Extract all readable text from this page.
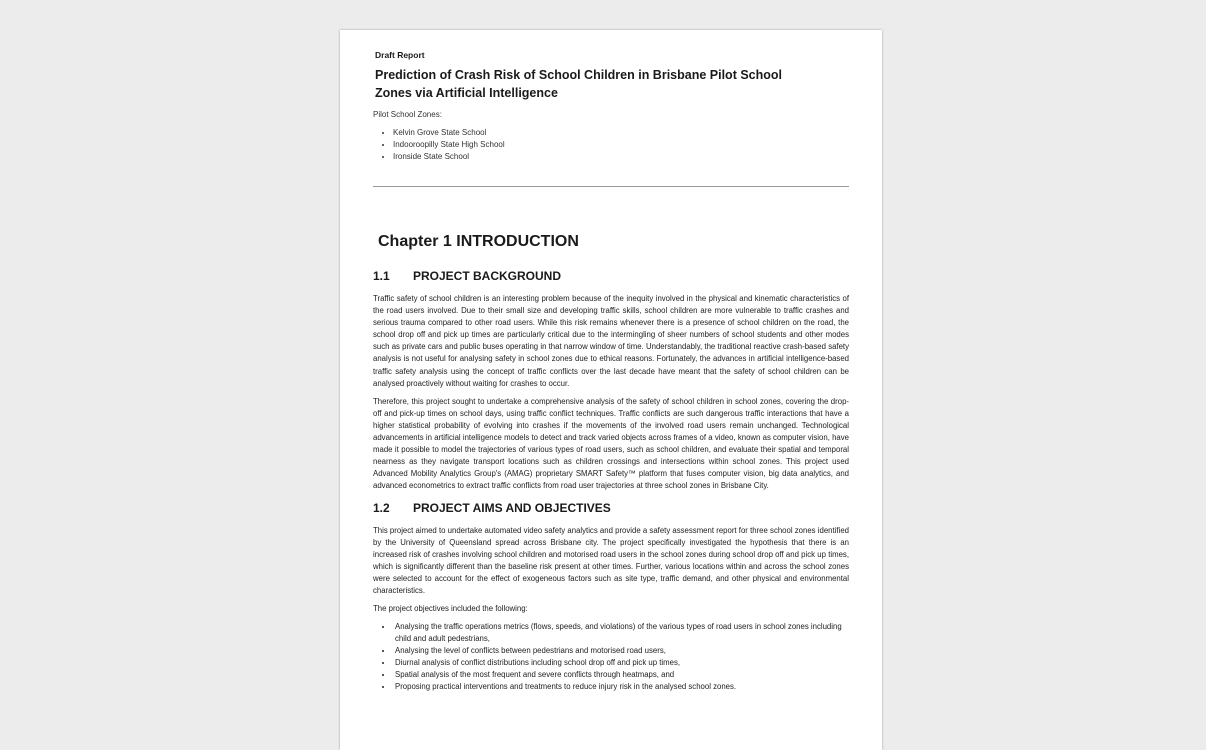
Draft Report
Prediction of Crash Risk of School Children in Brisbane Pilot School Zones via Artificial Intelligence
Pilot School Zones:
• Kelvin Grove State School
• Indooroopilly State High School
• Ironside State School
Chapter 1 INTRODUCTION
1.1	PROJECT BACKGROUND

Traffic safety of school children is an interesting problem because of the inequity involved in the physical and kinematic characteristics of the road users involved. Due to their small size and developing traffic skills, school children are more vulnerable to traffic crashes and serious trauma compared to other road users. While this risk remains whenever there is a presence of school children on the road, the school drop off and pick up times are particularly critical due to the intermingling of sheer numbers of school students and other modes such as private cars and public buses operating in that narrow window of time. Understandably, the traditional reactive crash-based safety analysis is not useful for analysing safety in school zones due to ethical reasons. Fortunately, the advances in artificial intelligence-based traffic safety analysis using the concept of traffic conflicts over the last decade have meant that the safety of school children can be analysed proactively without waiting for crashes to occur.

Therefore, this project sought to undertake a comprehensive analysis of the safety of school children in school zones, covering the drop-off and pick-up times on school days, using traffic conflict techniques. Traffic conflicts are such dangerous traffic interactions that have a higher statistical probability of evolving into crashes if the movements of the involved road users remain unchanged. Technological advancements in artificial intelligence models to detect and track varied objects across frames of a video, known as computer vision, have made it possible to model the trajectories of various types of road users, such as school children, and evaluate their spatial and temporal nearness as they navigate transport locations such as children crossings and intersections within school zones. This project used Advanced Mobility Analytics Group's (AMAG) proprietary SMART Safety™ platform that fuses computer vision, big data analytics, and advanced econometrics to extract traffic conflicts from road user trajectories at three school zones in Brisbane City.

1.2	PROJECT AIMS AND OBJECTIVES

This project aimed to undertake automated video safety analytics and provide a safety assessment report for three school zones identified by the University of Queensland spread across Brisbane city. The project specifically investigated the hypothesis that there is an increased risk of crashes involving school children and motorised road users in the school zones during school drop off and pick up times, which is significantly different than the baseline risk present at other times. Further, various locations within and across the school zones were selected to account for the effect of exogeneous factors such as site type, traffic demand, and other physical and environmental characteristics.

The project objectives included the following:

• Analysing the traffic operations metrics (flows, speeds, and violations) of the various types of road users in school zones including child and adult pedestrians,
• Analysing the level of conflicts between pedestrians and motorised road users,
• Diurnal analysis of conflict distributions including school drop off and pick up times,
• Spatial analysis of the most frequent and severe conflicts through heatmaps, and
• Proposing practical interventions and treatments to reduce injury risk in the analysed school zones.
